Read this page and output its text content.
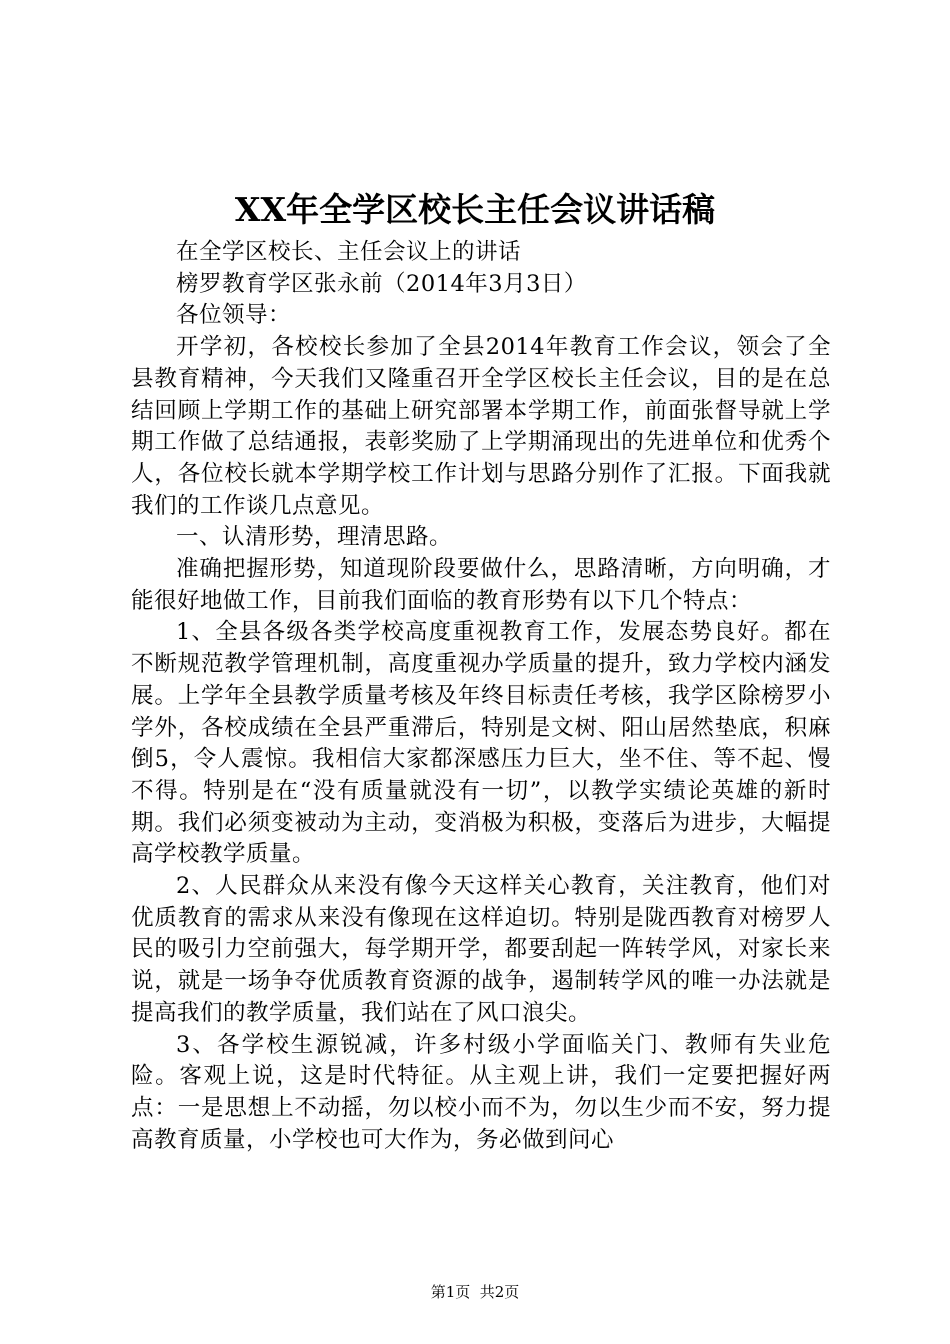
XX年全学区校长主任会议讲话稿

在全学区校长、主任会议上的讲话

榜罗教育学区张永前（2014年3月3日）

各位领导：

开学初，各校校长参加了全县2014年教育工作会议，领会了全县教育精神，今天我们又隆重召开全学区校长主任会议，目的是在总结回顾上学期工作的基础上研究部署本学期工作，前面张督导就上学期工作做了总结通报，表彰奖励了上学期涌现出的先进单位和优秀个人，各位校长就本学期学校工作计划与思路分别作了汇报。下面我就我们的工作谈几点意见。

一、认清形势，理清思路。

准确把握形势，知道现阶段要做什么，思路清晰，方向明确，才能很好地做工作，目前我们面临的教育形势有以下几个特点：

1、全县各级各类学校高度重视教育工作，发展态势良好。都在不断规范教学管理机制，高度重视办学质量的提升，致力学校内涵发展。上学年全县教学质量考核及年终目标责任考核，我学区除榜罗小学外，各校成绩在全县严重滞后，特别是文树、阳山居然垫底，积麻倒5，令人震惊。我相信大家都深感压力巨大，坐不住、等不起、慢不得。特别是在“没有质量就没有一切”，以教学实绩论英雄的新时期。我们必须变被动为主动，变消极为积极，变落后为进步，大幅提高学校教学质量。

2、人民群众从来没有像今天这样关心教育，关注教育，他们对优质教育的需求从来没有像现在这样迫切。特别是陇西教育对榜罗人民的吸引力空前强大，每学期开学，都要刮起一阵转学风，对家长来说，就是一场争夺优质教育资源的战争，遏制转学风的唯一办法就是提高我们的教学质量，我们站在了风口浪尖。

3、各学校生源锐减，许多村级小学面临关门、教师有失业危险。客观上说，这是时代特征。从主观上讲，我们一定要把握好两点：一是思想上不动摇，勿以校小而不为，勿以生少而不安，努力提高教育质量，小学校也可大作为，务必做到问心

第1页  共2页
